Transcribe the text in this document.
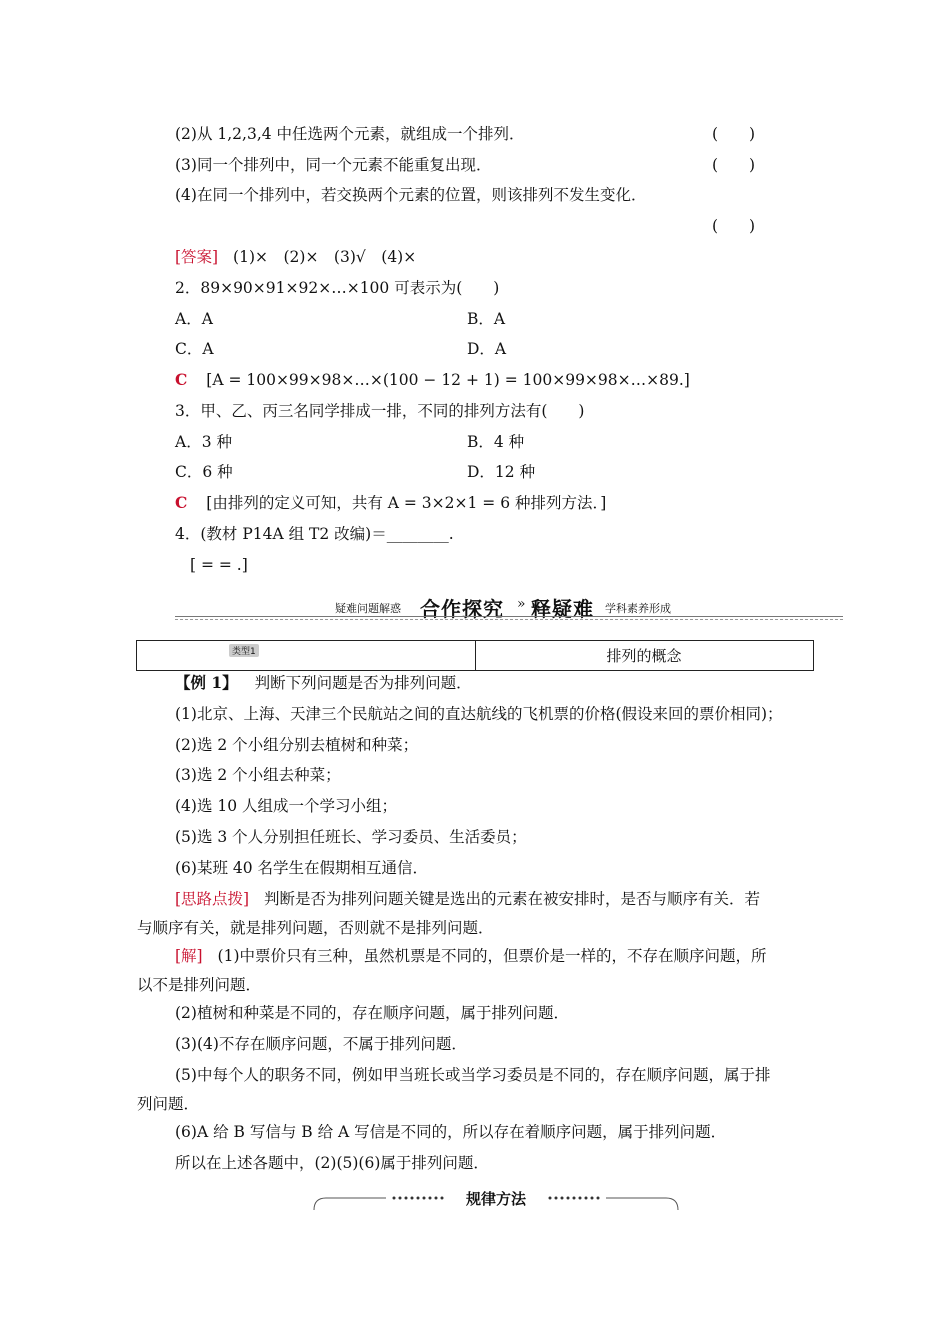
(2)从 1,2,3,4 中任选两个元素，就组成一个排列．	(　　)
(3)同一个排列中，同一个元素不能重复出现．	(　　)
(4)在同一个排列中，若交换两个元素的位置，则该排列不发生变化．
(　　)
[答案] (1)×　(2)×　(3)√　(4)×
2．89×90×91×92×…×100 可表示为(　　)
A．A	B．A
C．A	D．A
C [A = 100×99×98×…×(100 − 12 + 1) = 100×99×98×…×89.]
3．甲、乙、丙三名同学排成一排，不同的排列方法有(　　)
A．3 种	B．4 种
C．6 种	D．12 种
C [由排列的定义可知，共有 A = 3×2×1 = 6 种排列方法．]
4．(教材 P14A 组 T2 改编)＝________.
[ = = .]
疑难问题解惑 合作探究 » 释疑难 学科素养形成
类型1	排列的概念
【例 1】 判断下列问题是否为排列问题．
(1)北京、上海、天津三个民航站之间的直达航线的飞机票的价格(假设来回的票价相同)；
(2)选 2 个小组分别去植树和种菜；
(3)选 2 个小组去种菜；
(4)选 10 人组成一个学习小组；
(5)选 3 个人分别担任班长、学习委员、生活委员；
(6)某班 40 名学生在假期相互通信．
[思路点拨] 判断是否为排列问题关键是选出的元素在被安排时，是否与顺序有关．若
与顺序有关，就是排列问题，否则就不是排列问题．
[解] (1)中票价只有三种，虽然机票是不同的，但票价是一样的，不存在顺序问题，所
以不是排列问题．
(2)植树和种菜是不同的，存在顺序问题，属于排列问题．
(3)(4)不存在顺序问题，不属于排列问题．
(5)中每个人的职务不同，例如甲当班长或当学习委员是不同的，存在顺序问题，属于排
列问题．
(6)A 给 B 写信与 B 给 A 写信是不同的，所以存在着顺序问题，属于排列问题．
所以在上述各题中，(2)(5)(6)属于排列问题．
规律方法
